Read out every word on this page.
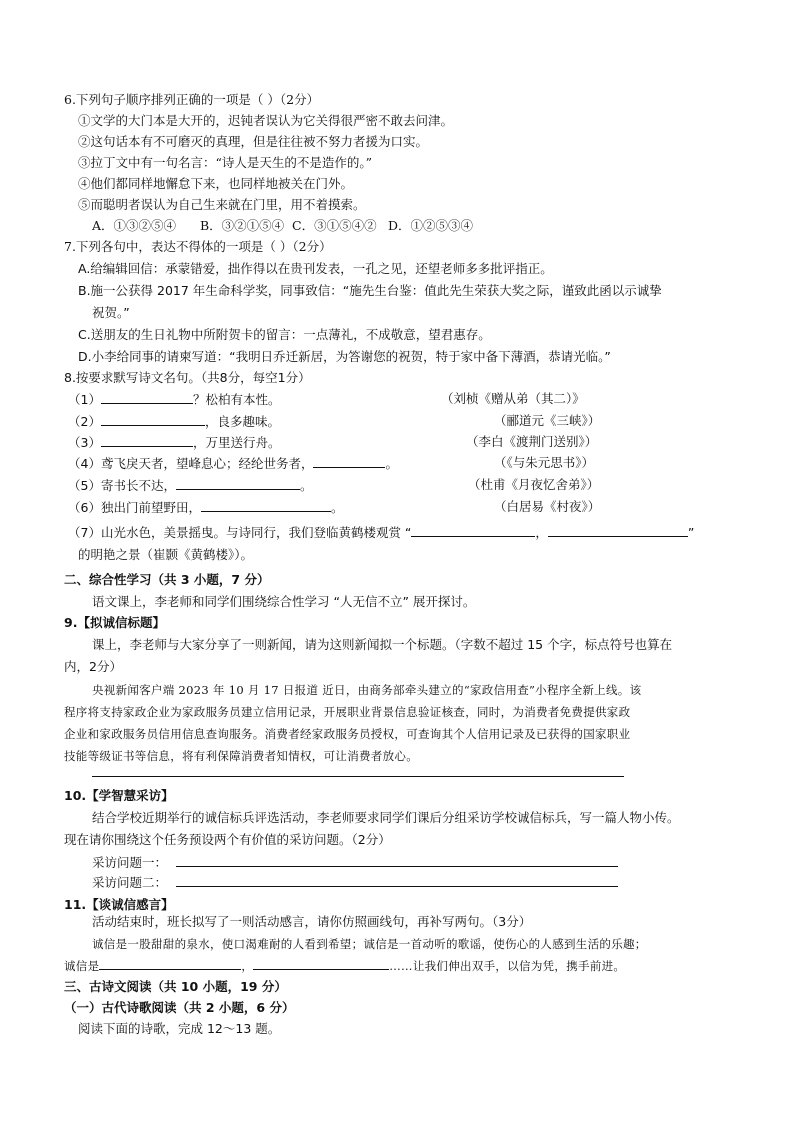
6.下列句子顺序排列正确的一项是（ ）（2分）
①文学的大门本是大开的，迟钝者误认为它关得很严密不敢去问津。
②这句话本有不可磨灭的真理，但是往往被不努力者援为口实。
③拉丁文中有一句名言：“诗人是天生的不是造作的。”
④他们都同样地懈怠下来，也同样地被关在门外。
⑤而聪明者误认为自己生来就在门里，用不着摸索。
A．①③②⑤④ B．③②①⑤④ C．③①⑤④② D．①②⑤③④
7.下列各句中，表达不得体的一项是（ ）（2分）
A.给编辑回信：承蒙错爱，拙作得以在贵刊发表，一孔之见，还望老师多多批评指正。
B.施一公获得 2017 年生命科学奖，同事致信：“施先生台鉴：值此先生荣获大奖之际，谨致此函以示诚挚
祝贺。”
C.送朋友的生日礼物中所附贺卡的留言：一点薄礼，不成敬意，望君惠存。
D.小李给同事的请柬写道：“我明日乔迁新居，为答谢您的祝贺，特于家中备下薄酒，恭请光临。”
8.按要求默写诗文名句。（共8分，每空1分）
（1）	？松柏有本性。	（刘桢《赠从弟（其二）》
（2）	，良多趣味。	（郦道元《三峡》）
（3）	，万里送行舟。	（李白《渡荆门送别》）
（4）鸢飞戾天者，望峰息心；经纶世务者，	。	（《与朱元思书》）
（5）寄书长不达，	。	（杜甫《月夜忆舍弟》）
（6）独出门前望野田，	。	（白居易《村夜》）
（7）山光水色，美景摇曳。与诗同行，我们登临黄鹤楼观赏 “	，	”
的明艳之景（崔颢《黄鹤楼》）。
二、综合性学习（共 3 小题，7 分）
语文课上，李老师和同学们围绕综合性学习 “人无信不立” 展开探讨。
9.【拟诚信标题】
课上，李老师与大家分享了一则新闻，请为这则新闻拟一个标题。（字数不超过 15 个字，标点符号也算在
内，2分）
央视新闻客户端 2023 年 10 月 17 日报道 近日，由商务部牵头建立的“家政信用查”小程序全新上线。该
程序将支持家政企业为家政服务员建立信用记录，开展职业背景信息验证核查，同时，为消费者免费提供家政
企业和家政服务员信用信息查询服务。消费者经家政服务员授权，可查询其个人信用记录及已获得的国家职业
技能等级证书等信息，将有利保障消费者知情权，可让消费者放心。
10.【学智慧采访】
结合学校近期举行的诚信标兵评选活动，李老师要求同学们课后分组采访学校诚信标兵，写一篇人物小传。
现在请你围绕这个任务预设两个有价值的采访问题。（2分）
采访问题一：
采访问题二：
11.【谈诚信感言】
活动结束时，班长拟写了一则活动感言，请你仿照画线句，再补写两句。（3分）
诚信是一股甜甜的泉水，使口渴难耐的人看到希望；诚信是一首动听的歌谣，使伤心的人感到生活的乐趣；
诚信是	，	……让我们伸出双手，以信为凭，携手前进。
三、古诗文阅读（共 10 小题，19 分）
（一）古代诗歌阅读（共 2 小题，6 分）
阅读下面的诗歌，完成 12～13 题。
